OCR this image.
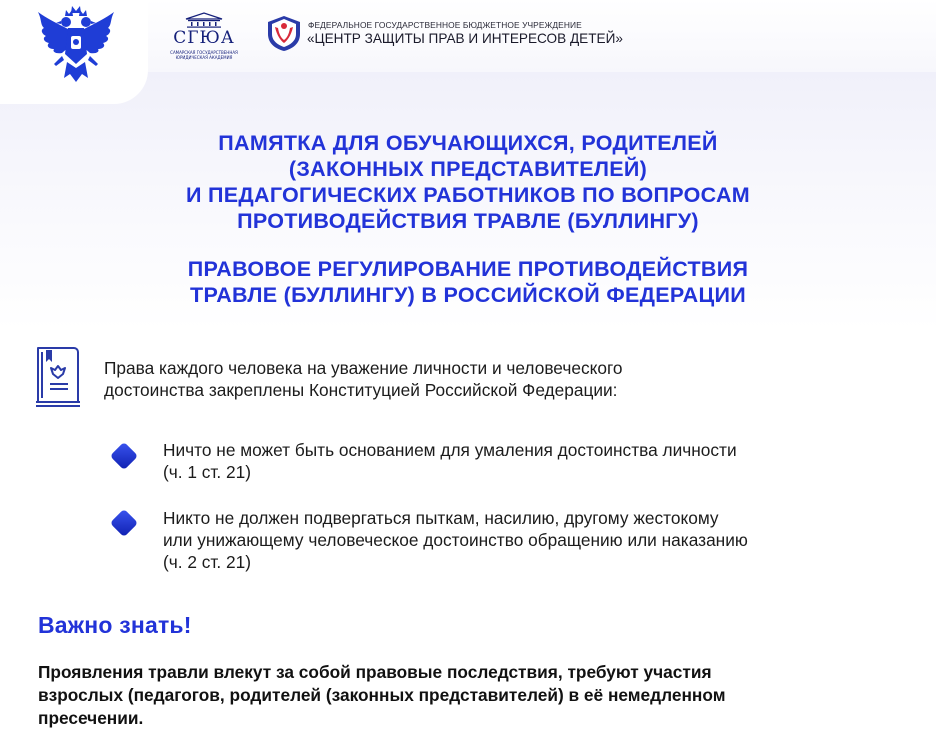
СГЮА
САМАРСКАЯ ГОСУДАРСТВЕННАЯ ЮРИДИЧЕСКАЯ АКАДЕМИЯ
ФЕДЕРАЛЬНОЕ ГОСУДАРСТВЕННОЕ БЮДЖЕТНОЕ УЧРЕЖДЕНИЕ
«ЦЕНТР ЗАЩИТЫ ПРАВ И ИНТЕРЕСОВ ДЕТЕЙ»
ПАМЯТКА ДЛЯ ОБУЧАЮЩИХСЯ, РОДИТЕЛЕЙ
(ЗАКОННЫХ ПРЕДСТАВИТЕЛЕЙ)
И ПЕДАГОГИЧЕСКИХ РАБОТНИКОВ ПО ВОПРОСАМ
ПРОТИВОДЕЙСТВИЯ ТРАВЛЕ (БУЛЛИНГУ)
ПРАВОВОЕ РЕГУЛИРОВАНИЕ ПРОТИВОДЕЙСТВИЯ
ТРАВЛЕ (БУЛЛИНГУ) В РОССИЙСКОЙ ФЕДЕРАЦИИ
Права каждого человека на уважение личности и человеческого
достоинства закреплены Конституцией Российской Федерации:
Ничто не может быть основанием для умаления достоинства личности
(ч. 1 ст. 21)
Никто не должен подвергаться пыткам, насилию, другому жестокому
или унижающему человеческое достоинство обращению или наказанию
(ч. 2 ст. 21)
Важно знать!
Проявления травли влекут за собой правовые последствия, требуют участия
взрослых (педагогов, родителей (законных представителей) в её немедленном
пресечении.
